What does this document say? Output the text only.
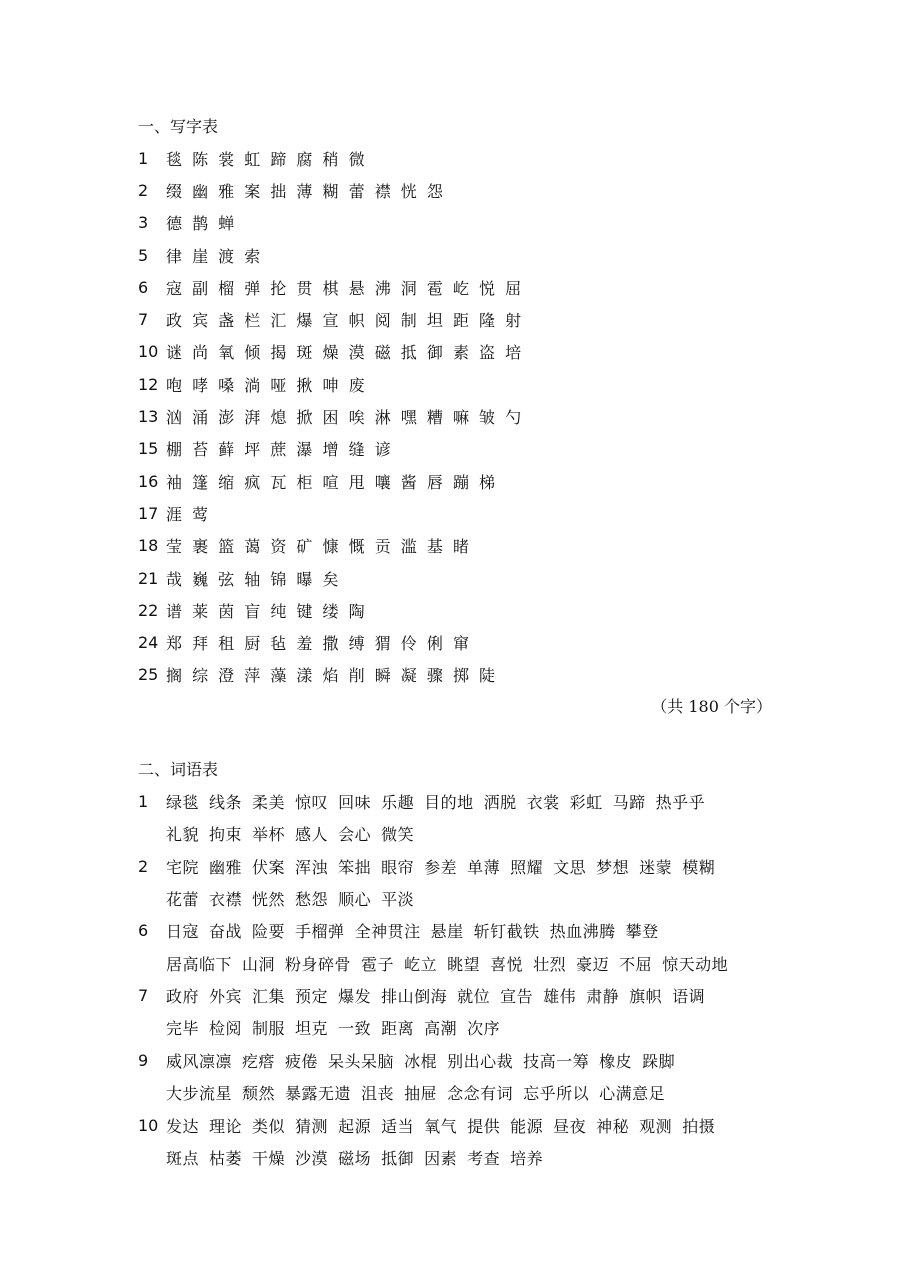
一、写字表
1	毯 陈 裳 虹 蹄 腐 稍 微
2	缀 幽 雅 案 拙 薄 糊 蕾 襟 恍 怨
3	德 鹊 蝉
5	律 崖 渡 索
6	寇 副 榴 弹 抡 贯 棋 悬 沸 洞 雹 屹 悦 屈
7	政 宾 盏 栏 汇 爆 宣 帜 阅 制 坦 距 隆 射
10 谜 尚 氧 倾 揭 斑 燥 漠 磁 抵 御 素 盗 培
12 咆 哮 嗓 淌 哑 揪 呻 废
13 汹 涌 澎 湃 熄 掀 困 唉 淋 嘿 糟 嘛 皱 勺
15 棚 苔 藓 坪 蔗 瀑 增 缝 谚
16 袖 篷 缩 疯 瓦 柜 喧 甩 嚷 酱 唇 蹦 梯
17 涯 莺
18 莹 裹 篮 蔼 资 矿 慷 慨 贡 滥 基 睹
21 哉 巍 弦 轴 锦 曝 矣
22 谱 莱 茵 盲 纯 键 缕 陶
24 郑 拜 租 厨 毡 羞 撒 缚 猬 伶 俐 窜
25 搁 综 澄 萍 藻 漾 焰 削 瞬 凝 骤 掷 陡
（共 180 个字）
二、词语表
1	绿毯 线条 柔美 惊叹 回味 乐趣 目的地 洒脱 衣裳 彩虹 马蹄 热乎乎
礼貌 拘束 举杯 感人 会心 微笑
2	宅院 幽雅 伏案 浑浊 笨拙 眼帘 参差 单薄 照耀 文思 梦想 迷蒙 模糊
花蕾 衣襟 恍然 愁怨 顺心 平淡
6	日寇 奋战 险要 手榴弹 全神贯注 悬崖 斩钉截铁 热血沸腾 攀登
居高临下 山洞 粉身碎骨 雹子 屹立 眺望 喜悦 壮烈 豪迈 不屈 惊天动地
7	政府 外宾 汇集 预定 爆发 排山倒海 就位 宣告 雄伟 肃静 旗帜 语调
完毕 检阅 制服 坦克 一致 距离 高潮 次序
9	威风凛凛 疙瘩 疲倦 呆头呆脑 冰棍 别出心裁 技高一筹 橡皮 跺脚
大步流星 颓然 暴露无遗 沮丧 抽屉 念念有词 忘乎所以 心满意足
10 发达 理论 类似 猜测 起源 适当 氧气 提供 能源 昼夜 神秘 观测 拍摄
斑点 枯萎 干燥 沙漠 磁场 抵御 因素 考查 培养
